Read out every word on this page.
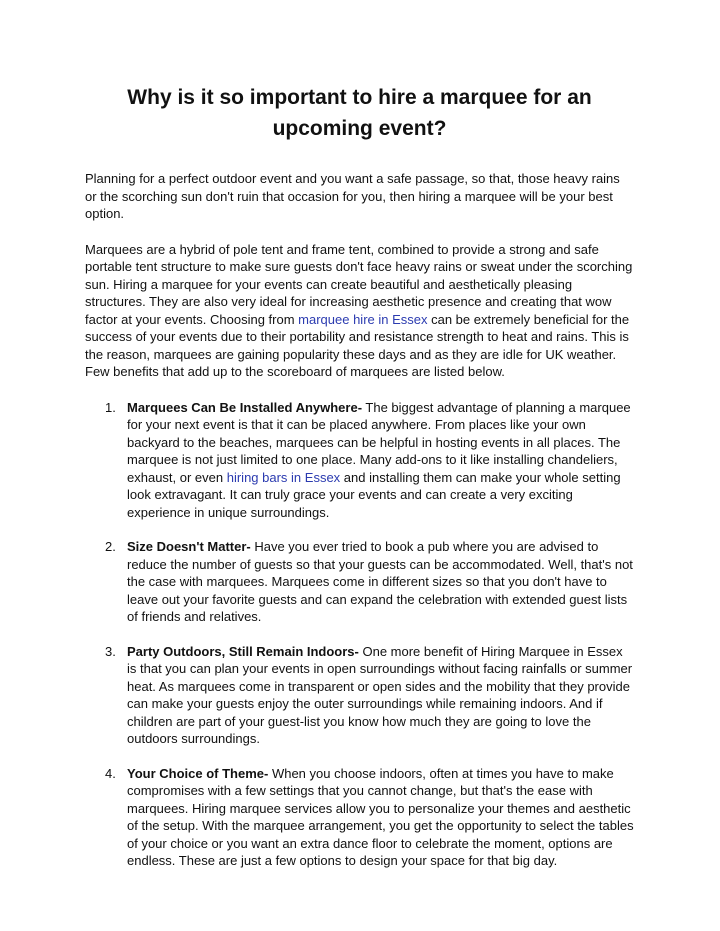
Why is it so important to hire a marquee for an upcoming event?

Planning for a perfect outdoor event and you want a safe passage, so that, those heavy rains or the scorching sun don't ruin that occasion for you, then hiring a marquee will be your best option.

Marquees are a hybrid of pole tent and frame tent, combined to provide a strong and safe portable tent structure to make sure guests don't face heavy rains or sweat under the scorching sun. Hiring a marquee for your events can create beautiful and aesthetically pleasing structures. They are also very ideal for increasing aesthetic presence and creating that wow factor at your events. Choosing from marquee hire in Essex can be extremely beneficial for the success of your events due to their portability and resistance strength to heat and rains. This is the reason, marquees are gaining popularity these days and as they are idle for UK weather. Few benefits that add up to the scoreboard of marquees are listed below.

1. Marquees Can Be Installed Anywhere- The biggest advantage of planning a marquee for your next event is that it can be placed anywhere. From places like your own backyard to the beaches, marquees can be helpful in hosting events in all places. The marquee is not just limited to one place. Many add-ons to it like installing chandeliers, exhaust, or even hiring bars in Essex and installing them can make your whole setting look extravagant. It can truly grace your events and can create a very exciting experience in unique surroundings.
2. Size Doesn't Matter- Have you ever tried to book a pub where you are advised to reduce the number of guests so that your guests can be accommodated. Well, that's not the case with marquees. Marquees come in different sizes so that you don't have to leave out your favorite guests and can expand the celebration with extended guest lists of friends and relatives.
3. Party Outdoors, Still Remain Indoors- One more benefit of Hiring Marquee in Essex is that you can plan your events in open surroundings without facing rainfalls or summer heat. As marquees come in transparent or open sides and the mobility that they provide can make your guests enjoy the outer surroundings while remaining indoors. And if children are part of your guest-list you know how much they are going to love the outdoors surroundings.
4. Your Choice of Theme- When you choose indoors, often at times you have to make compromises with a few settings that you cannot change, but that's the ease with marquees. Hiring marquee services allow you to personalize your themes and aesthetic of the setup. With the marquee arrangement, you get the opportunity to select the tables of your choice or you want an extra dance floor to celebrate the moment, options are endless. These are just a few options to design your space for that big day.
